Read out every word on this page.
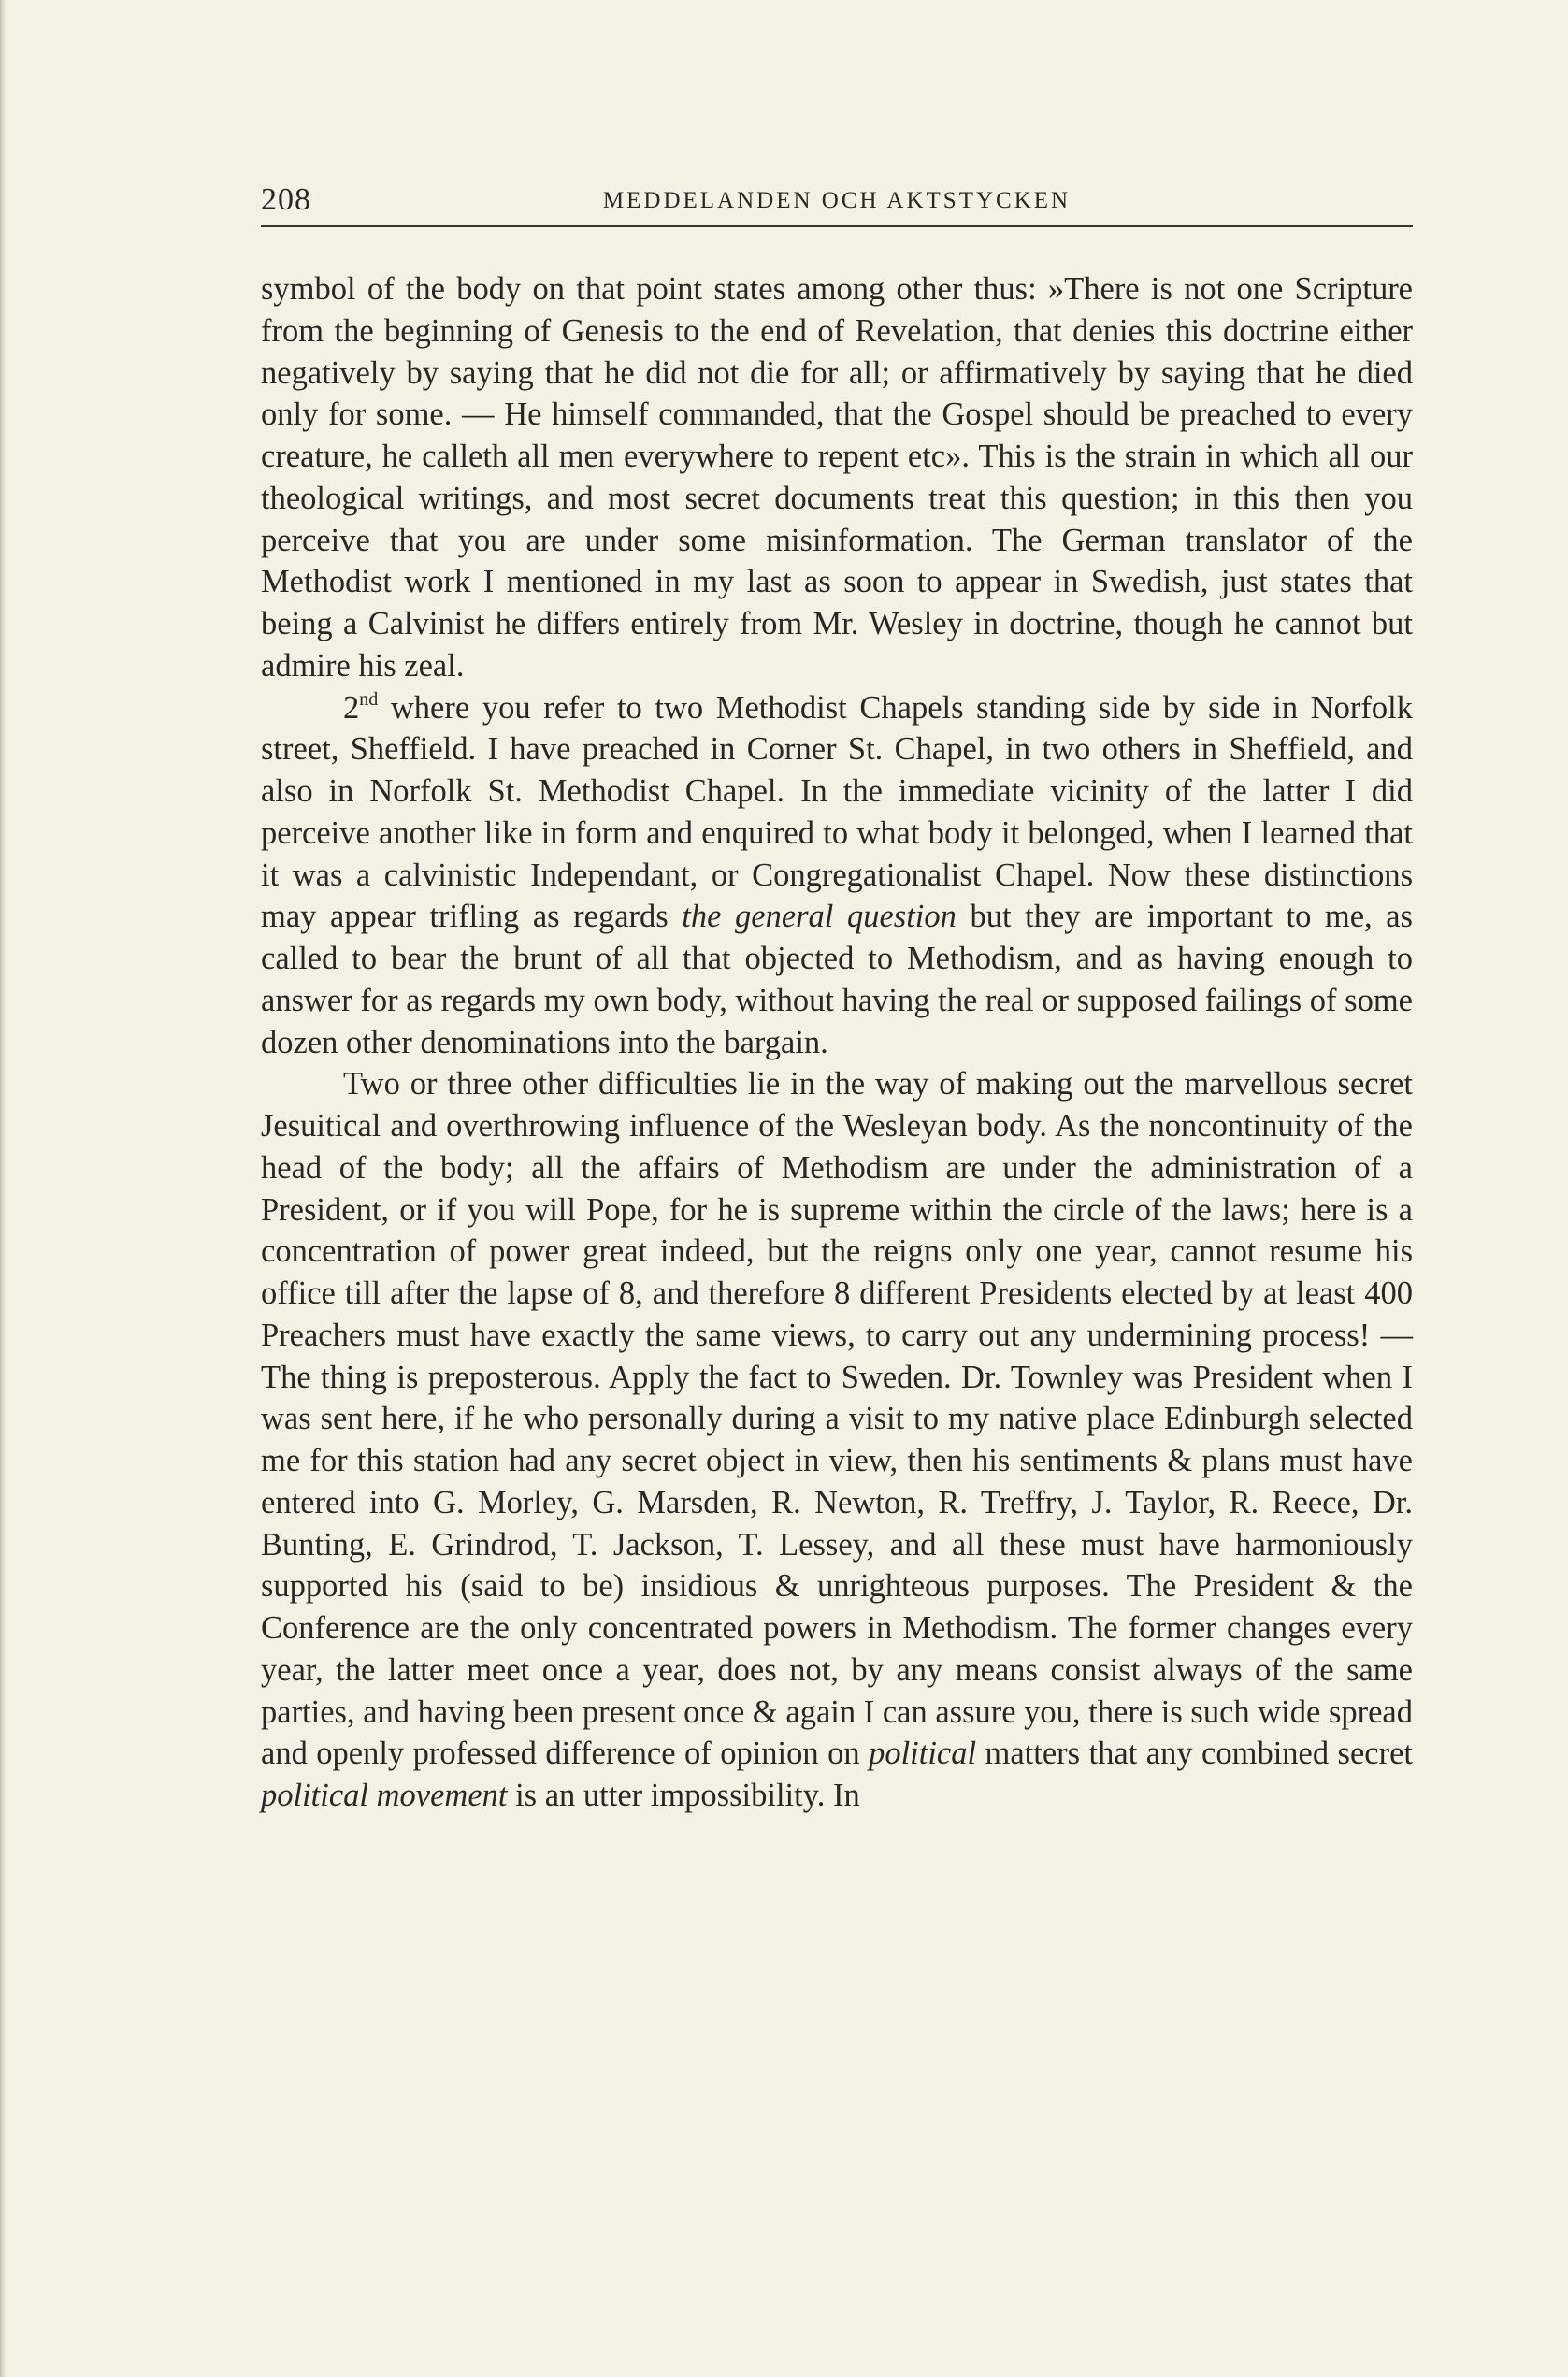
208	MEDDELANDEN OCH AKTSTYCKEN

symbol of the body on that point states among other thus: »There is not one Scripture from the beginning of Genesis to the end of Revelation, that denies this doctrine either negatively by saying that he did not die for all; or affirmatively by saying that he died only for some. — He himself commanded, that the Gospel should be preached to every creature, he calleth all men everywhere to repent etc». This is the strain in which all our theological writings, and most secret documents treat this question; in this then you perceive that you are under some misinformation. The German translator of the Methodist work I mentioned in my last as soon to appear in Swedish, just states that being a Calvinist he differs entirely from Mr. Wesley in doctrine, though he cannot but admire his zeal.

2nd where you refer to two Methodist Chapels standing side by side in Norfolk street, Sheffield. I have preached in Corner St. Chapel, in two others in Sheffield, and also in Norfolk St. Methodist Chapel. In the immediate vicinity of the latter I did perceive another like in form and enquired to what body it belonged, when I learned that it was a calvinistic Independant, or Congregationalist Chapel. Now these distinctions may appear trifling as regards the general question but they are important to me, as called to bear the brunt of all that objected to Methodism, and as having enough to answer for as regards my own body, without having the real or supposed failings of some dozen other denominations into the bargain.

Two or three other difficulties lie in the way of making out the marvellous secret Jesuitical and overthrowing influence of the Wesleyan body. As the noncontinuity of the head of the body; all the affairs of Methodism are under the administration of a President, or if you will Pope, for he is supreme within the circle of the laws; here is a concentration of power great indeed, but the reigns only one year, cannot resume his office till after the lapse of 8, and therefore 8 different Presidents elected by at least 400 Preachers must have exactly the same views, to carry out any undermining process! — The thing is preposterous. Apply the fact to Sweden. Dr. Townley was President when I was sent here, if he who personally during a visit to my native place Edinburgh selected me for this station had any secret object in view, then his sentiments & plans must have entered into G. Morley, G. Marsden, R. Newton, R. Treffry, J. Taylor, R. Reece, Dr. Bunting, E. Grindrod, T. Jackson, T. Lessey, and all these must have harmoniously supported his (said to be) insidious & unrighteous purposes. The President & the Conference are the only concentrated powers in Methodism. The former changes every year, the latter meet once a year, does not, by any means consist always of the same parties, and having been present once & again I can assure you, there is such wide spread and openly professed difference of opinion on political matters that any combined secret political movement is an utter impossibility. In
